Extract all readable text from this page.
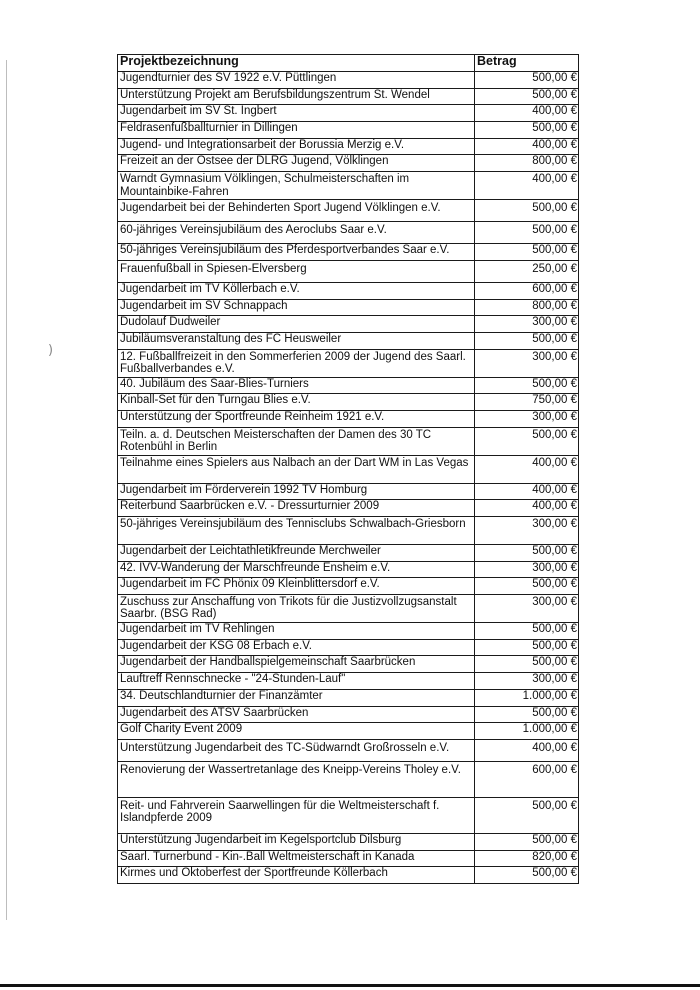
)
Projektbezeichnung	Betrag
Jugendturnier des SV 1922 e.V. Püttlingen	500,00 €
Unterstützung Projekt am Berufsbildungszentrum St. Wendel	500,00 €
Jugendarbeit im SV St. Ingbert	400,00 €
Feldrasenfußballturnier in Dillingen	500,00 €
Jugend- und Integrationsarbeit der Borussia Merzig e.V.	400,00 €
Freizeit an der Ostsee der DLRG Jugend, Völklingen	800,00 €
Warndt Gymnasium Völklingen, Schulmeisterschaften im Mountainbike-Fahren	400,00 €
Jugendarbeit bei der Behinderten Sport Jugend Völklingen e.V.	500,00 €
60-jähriges Vereinsjubiläum des Aeroclubs Saar e.V.	500,00 €
50-jähriges Vereinsjubiläum des Pferdesportverbandes Saar e.V.	500,00 €
Frauenfußball in Spiesen-Elversberg	250,00 €
Jugendarbeit im TV Köllerbach e.V.	600,00 €
Jugendarbeit im SV Schnappach	800,00 €
Dudolauf Dudweiler	300,00 €
Jubiläumsveranstaltung des FC Heusweiler	500,00 €
12. Fußballfreizeit in den Sommerferien 2009 der Jugend des Saarl. Fußballverbandes e.V.	300,00 €
40. Jubiläum des Saar-Blies-Turniers	500,00 €
Kinball-Set für den Turngau Blies e.V.	750,00 €
Unterstützung der Sportfreunde Reinheim 1921 e.V.	300,00 €
Teiln. a. d. Deutschen Meisterschaften der Damen des 30 TC Rotenbühl in Berlin	500,00 €
Teilnahme eines Spielers aus Nalbach an der Dart WM in Las Vegas	400,00 €
Jugendarbeit im Förderverein 1992 TV Homburg	400,00 €
Reiterbund Saarbrücken e.V. - Dressurturnier 2009	400,00 €
50-jähriges Vereinsjubiläum des Tennisclubs Schwalbach-Griesborn	300,00 €
Jugendarbeit der Leichtathletikfreunde Merchweiler	500,00 €
42. IVV-Wanderung der Marschfreunde Ensheim e.V.	300,00 €
Jugendarbeit im FC Phönix 09 Kleinblittersdorf e.V.	500,00 €
Zuschuss zur Anschaffung von Trikots für die Justizvollzugsanstalt Saarbr. (BSG Rad)	300,00 €
Jugendarbeit im TV Rehlingen	500,00 €
Jugendarbeit der KSG 08 Erbach e.V.	500,00 €
Jugendarbeit der Handballspielgemeinschaft Saarbrücken	500,00 €
Lauftreff Rennschnecke - "24-Stunden-Lauf"	300,00 €
34. Deutschlandturnier der Finanzämter	1.000,00 €
Jugendarbeit des ATSV Saarbrücken	500,00 €
Golf Charity Event 2009	1.000,00 €
Unterstützung Jugendarbeit des TC-Südwarndt Großrosseln e.V.	400,00 €
Renovierung der Wassertretanlage des Kneipp-Vereins Tholey e.V.	600,00 €
Reit- und Fahrverein Saarwellingen für die Weltmeisterschaft f. Islandpferde 2009	500,00 €
Unterstützung Jugendarbeit im Kegelsportclub Dilsburg	500,00 €
Saarl. Turnerbund - Kin-.Ball Weltmeisterschaft in Kanada	820,00 €
Kirmes und Oktoberfest der Sportfreunde Köllerbach	500,00 €
